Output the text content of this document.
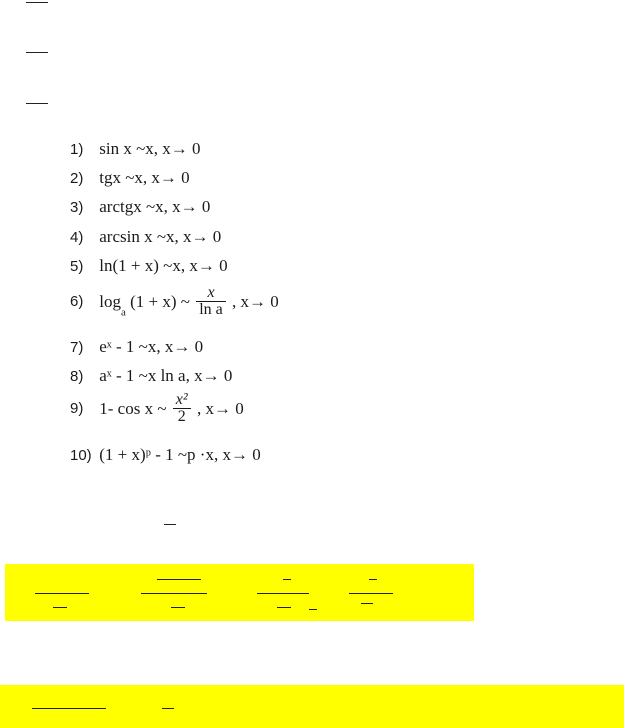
1) sin x ~x, x→ 0
2) tgx ~x, x→ 0
3) arctgx ~x, x→ 0
4) arcsin x ~x, x→ 0
5) ln(1 + x) ~x, x→ 0
6) $\log_a (1 + x)$ ~ $\frac{x}{\text{ln a}}$ , x→ 0
7) eˣ - 1 ~x, x→ 0
8) aˣ - 1 ~x ln a, x→ 0
9) 1- cos x ~ $\frac{\text{x²}}{2}$ , x→ 0
10) (1 + x)ᵖ - 1 ~p ·x, x→ 0
